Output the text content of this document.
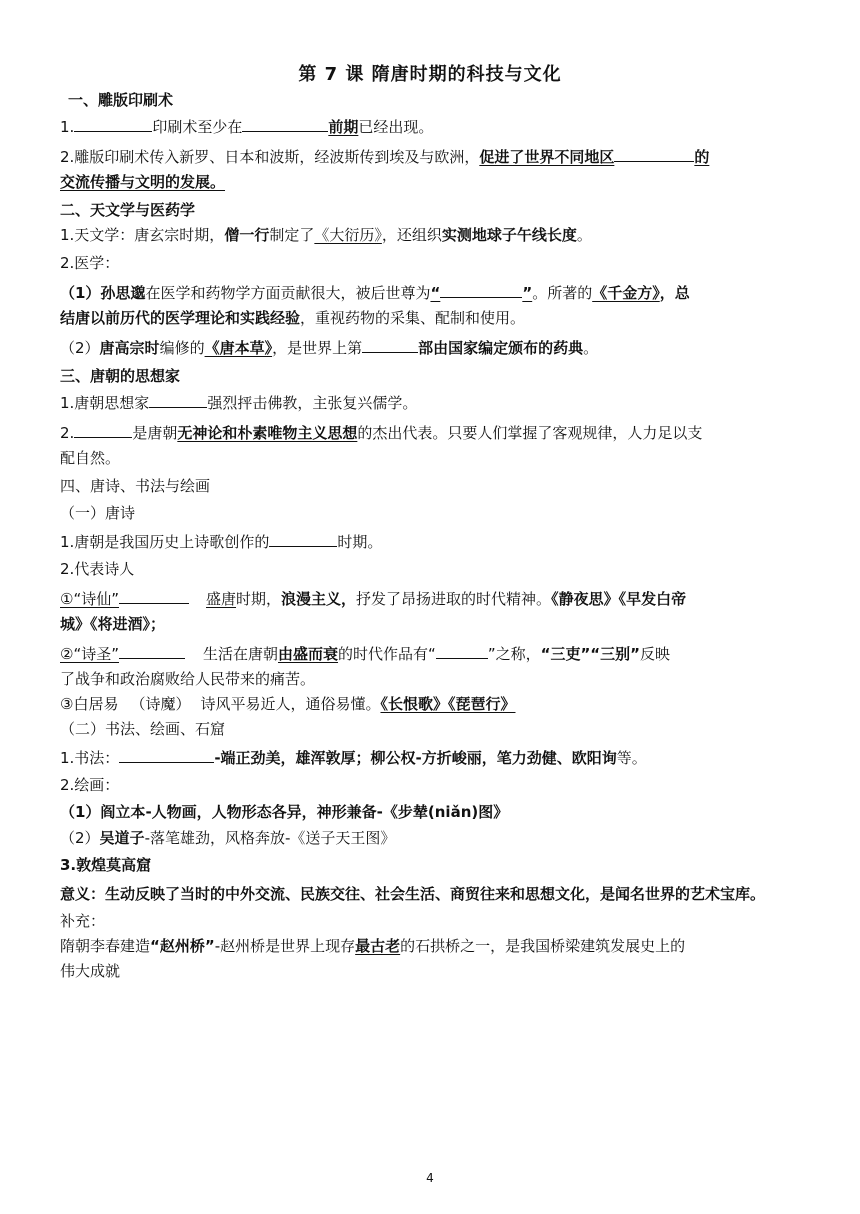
第 7 课 隋唐时期的科技与文化

一、雕版印刷术

1.	印刷术至少在	前期已经出现。

2.雕版印刷术传入新罗、日本和波斯，经波斯传到埃及与欧洲，促进了世界不同地区	的

交流传播与文明的发展。

二、天文学与医药学

1.天文学：唐玄宗时期，僧一行制定了《大衍历》，还组织实测地球子午线长度。

2.医学：

（1）孙思邈在医学和药物学方面贡献很大，被后世尊为“	”。所著的《千金方》，总

结唐以前历代的医学理论和实践经验，重视药物的采集、配制和使用。

（2）唐高宗时编修的《唐本草》，是世界上第	部由国家编定颁布的药典。

三、唐朝的思想家

1.唐朝思想家	强烈抨击佛教，主张复兴儒学。

2.	是唐朝无神论和朴素唯物主义思想的杰出代表。只要人们掌握了客观规律，人力足以支

配自然。

四、唐诗、书法与绘画

（一）唐诗

1.唐朝是我国历史上诗歌创作的	时期。

2.代表诗人

①“诗仙”	盛唐时期，浪漫主义，抒发了昂扬进取的时代精神。《静夜思》《早发白帝

城》《将进酒》；

②“诗圣”	生活在唐朝由盛而衰的时代作品有“	”之称，“三吏”“三别”反映

了战争和政治腐败给人民带来的痛苦。

③白居易 （诗魔） 诗风平易近人，通俗易懂。《长恨歌》《琵琶行》

（二）书法、绘画、石窟

1.书法：	-端正劲美，雄浑敦厚；柳公权-方折峻丽，笔力劲健、欧阳询等。

2.绘画：

（1）阎立本-人物画，人物形态各异，神形兼备-《步辇(niǎn)图》

（2）吴道子-落笔雄劲，风格奔放-《送子天王图》

3.敦煌莫高窟

意义：生动反映了当时的中外交流、民族交往、社会生活、商贸往来和思想文化，是闻名世界的艺术宝库。

补充：

隋朝李春建造“赵州桥”-赵州桥是世界上现存最古老的石拱桥之一，是我国桥梁建筑发展史上的

伟大成就

4
